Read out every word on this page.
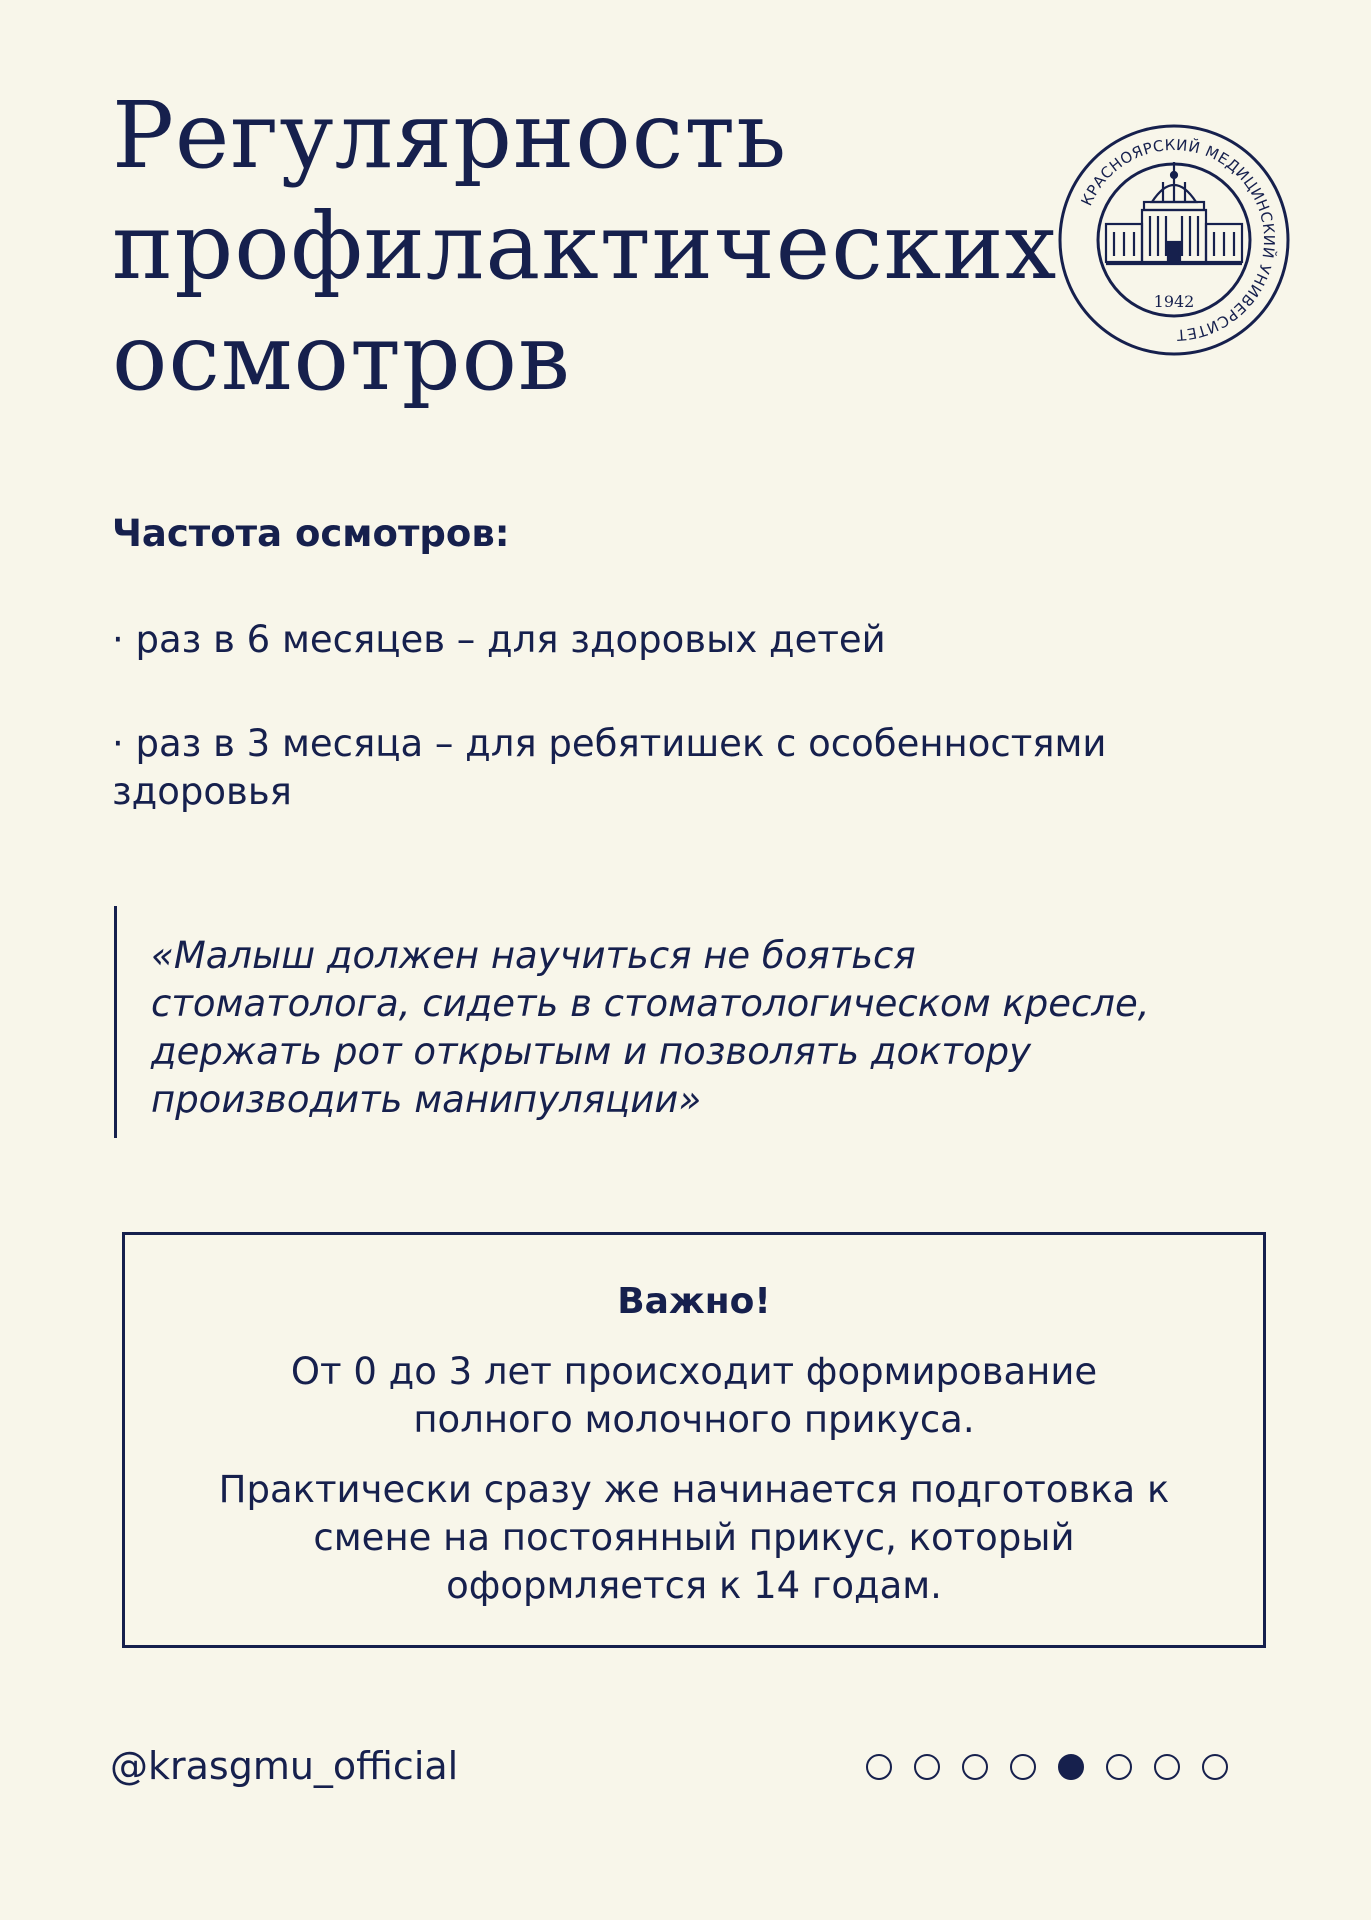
Регулярность
профилактических
осмотров
КРАСНОЯРСКИЙ МЕДИЦИНСКИЙ УНИВЕРСИТЕТ
1942

Частота осмотров:

· раз в 6 месяцев – для здоровых детей

· раз в 3 месяца – для ребятишек с особенностями здоровья

«Малыш должен научиться не бояться стоматолога, сидеть в стоматологическом кресле, держать рот открытым и позволять доктору производить манипуляции»

Важно!

От 0 до 3 лет происходит формирование полного молочного прикуса.

Практически сразу же начинается подготовка к смене на постоянный прикус, который оформляется к 14 годам.

@krasgmu_official
